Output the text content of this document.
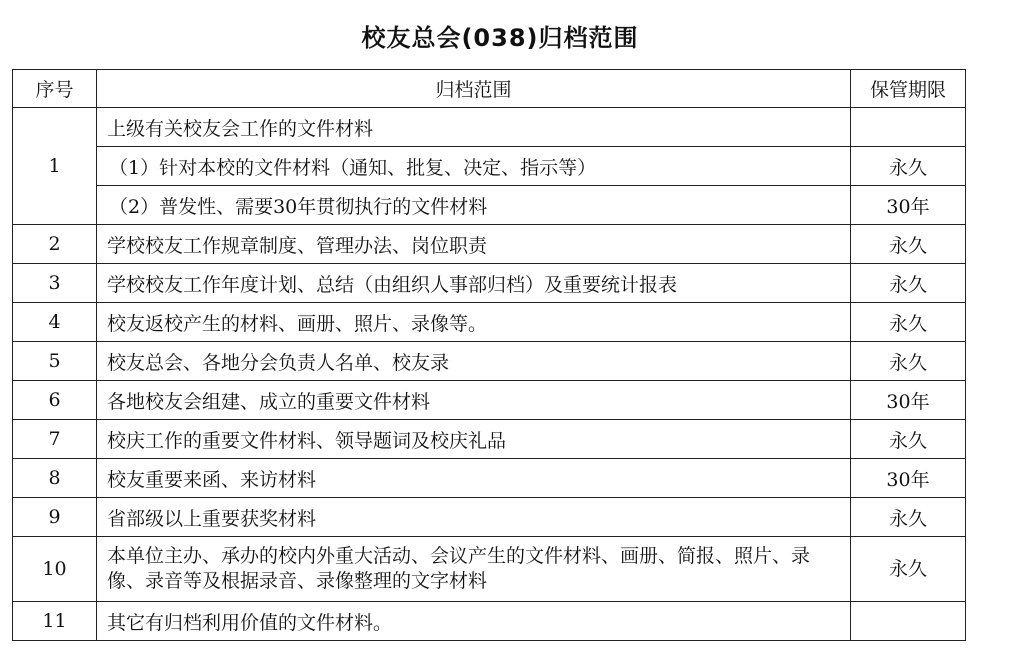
校友总会(038)归档范围
序号	归档范围	保管期限
1	上级有关校友会工作的文件材料	
	（1）针对本校的文件材料（通知、批复、决定、指示等）	永久
	（2）普发性、需要30年贯彻执行的文件材料	30年
2	学校校友工作规章制度、管理办法、岗位职责	永久
3	学校校友工作年度计划、总结（由组织人事部归档）及重要统计报表	永久
4	校友返校产生的材料、画册、照片、录像等。	永久
5	校友总会、各地分会负责人名单、校友录	永久
6	各地校友会组建、成立的重要文件材料	30年
7	校庆工作的重要文件材料、领导题词及校庆礼品	永久
8	校友重要来函、来访材料	30年
9	省部级以上重要获奖材料	永久
10	本单位主办、承办的校内外重大活动、会议产生的文件材料、画册、简报、照片、录像、录音等及根据录音、录像整理的文字材料	永久
11	其它有归档利用价值的文件材料。	
